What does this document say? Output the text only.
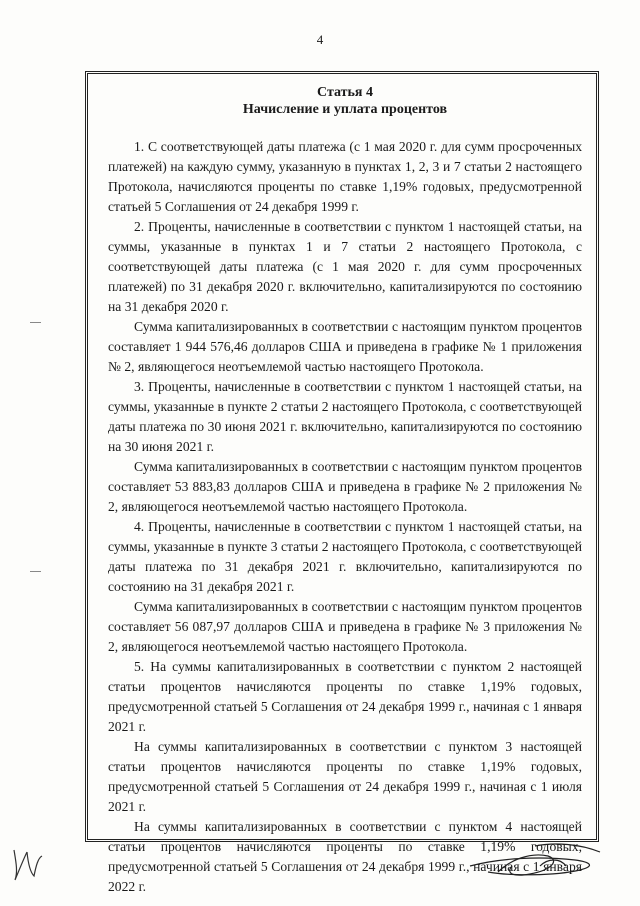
4
Статья 4
Начисление и уплата процентов

1. С соответствующей даты платежа (с 1 мая 2020 г. для сумм просроченных платежей) на каждую сумму, указанную в пунктах 1, 2, 3 и 7 статьи 2 настоящего Протокола, начисляются проценты по ставке 1,19% годовых, предусмотренной статьей 5 Соглашения от 24 декабря 1999 г.

2. Проценты, начисленные в соответствии с пунктом 1 настоящей статьи, на суммы, указанные в пунктах 1 и 7 статьи 2 настоящего Протокола, с соответствующей даты платежа (с 1 мая 2020 г. для сумм просроченных платежей) по 31 декабря 2020 г. включительно, капитализируются по состоянию на 31 декабря 2020 г.

Сумма капитализированных в соответствии с настоящим пунктом процентов составляет 1 944 576,46 долларов США и приведена в графике № 1 приложения № 2, являющегося неотъемлемой частью настоящего Протокола.

3. Проценты, начисленные в соответствии с пунктом 1 настоящей статьи, на суммы, указанные в пункте 2 статьи 2 настоящего Протокола, с соответствующей даты платежа по 30 июня 2021 г. включительно, капитализируются по состоянию на 30 июня 2021 г.

Сумма капитализированных в соответствии с настоящим пунктом процентов составляет 53 883,83 долларов США и приведена в графике № 2 приложения № 2, являющегося неотъемлемой частью настоящего Протокола.

4. Проценты, начисленные в соответствии с пунктом 1 настоящей статьи, на суммы, указанные в пункте 3 статьи 2 настоящего Протокола, с соответствующей даты платежа по 31 декабря 2021 г. включительно, капитализируются по состоянию на 31 декабря 2021 г.

Сумма капитализированных в соответствии с настоящим пунктом процентов составляет 56 087,97 долларов США и приведена в графике № 3 приложения № 2, являющегося неотъемлемой частью настоящего Протокола.

5. На суммы капитализированных в соответствии с пунктом 2 настоящей статьи процентов начисляются проценты по ставке 1,19% годовых, предусмотренной статьей 5 Соглашения от 24 декабря 1999 г., начиная с 1 января 2021 г.

На суммы капитализированных в соответствии с пунктом 3 настоящей статьи процентов начисляются проценты по ставке 1,19% годовых, предусмотренной статьей 5 Соглашения от 24 декабря 1999 г., начиная с 1 июля 2021 г.

На суммы капитализированных в соответствии с пунктом 4 настоящей статьи процентов начисляются проценты по ставке 1,19% годовых, предусмотренной статьей 5 Соглашения от 24 декабря 1999 г., начиная с 1 января 2022 г.
